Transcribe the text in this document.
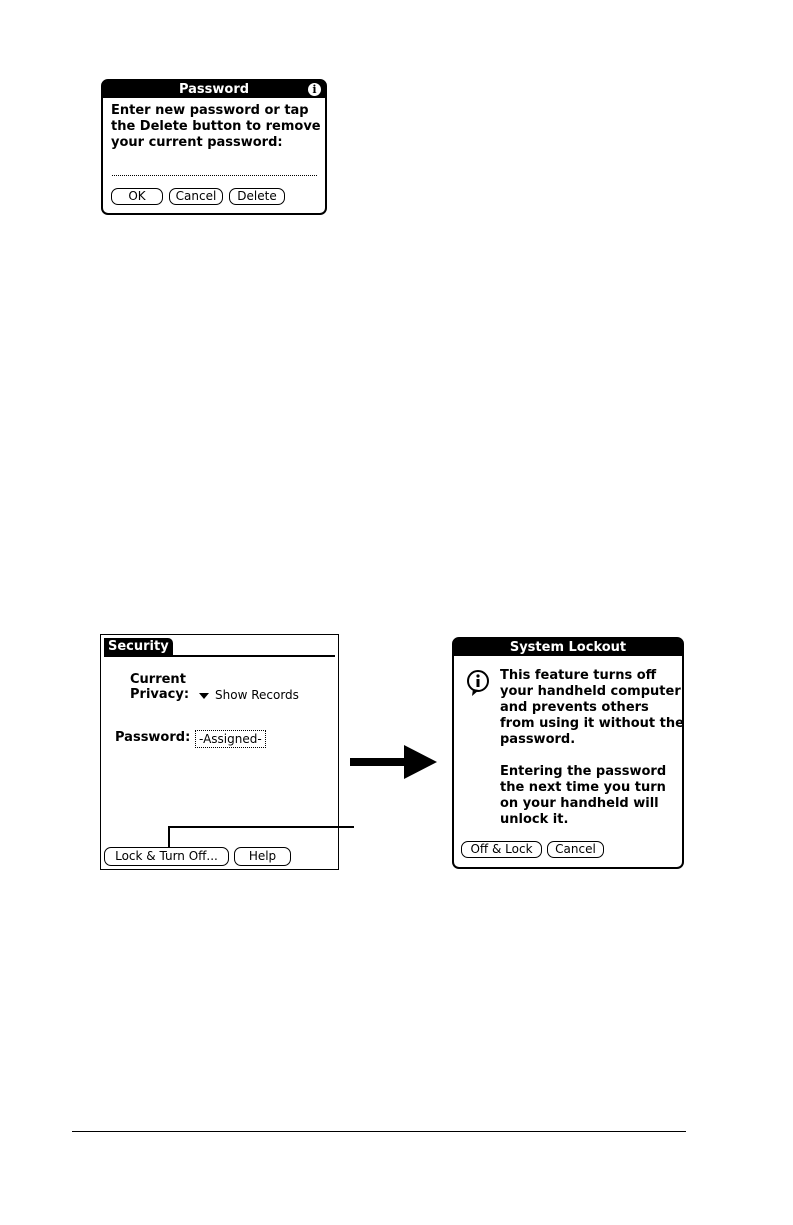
Password	i
Enter new password or tap the Delete button to remove your current password:
OK	Cancel	Delete
Security
Current
Privacy:	Show Records
Password: -Assigned-
Lock & Turn Off...	Help
System Lockout
This feature turns off your handheld computer and prevents others from using it without the password.

Entering the password the next time you turn on your handheld will unlock it.
Off & Lock	Cancel
